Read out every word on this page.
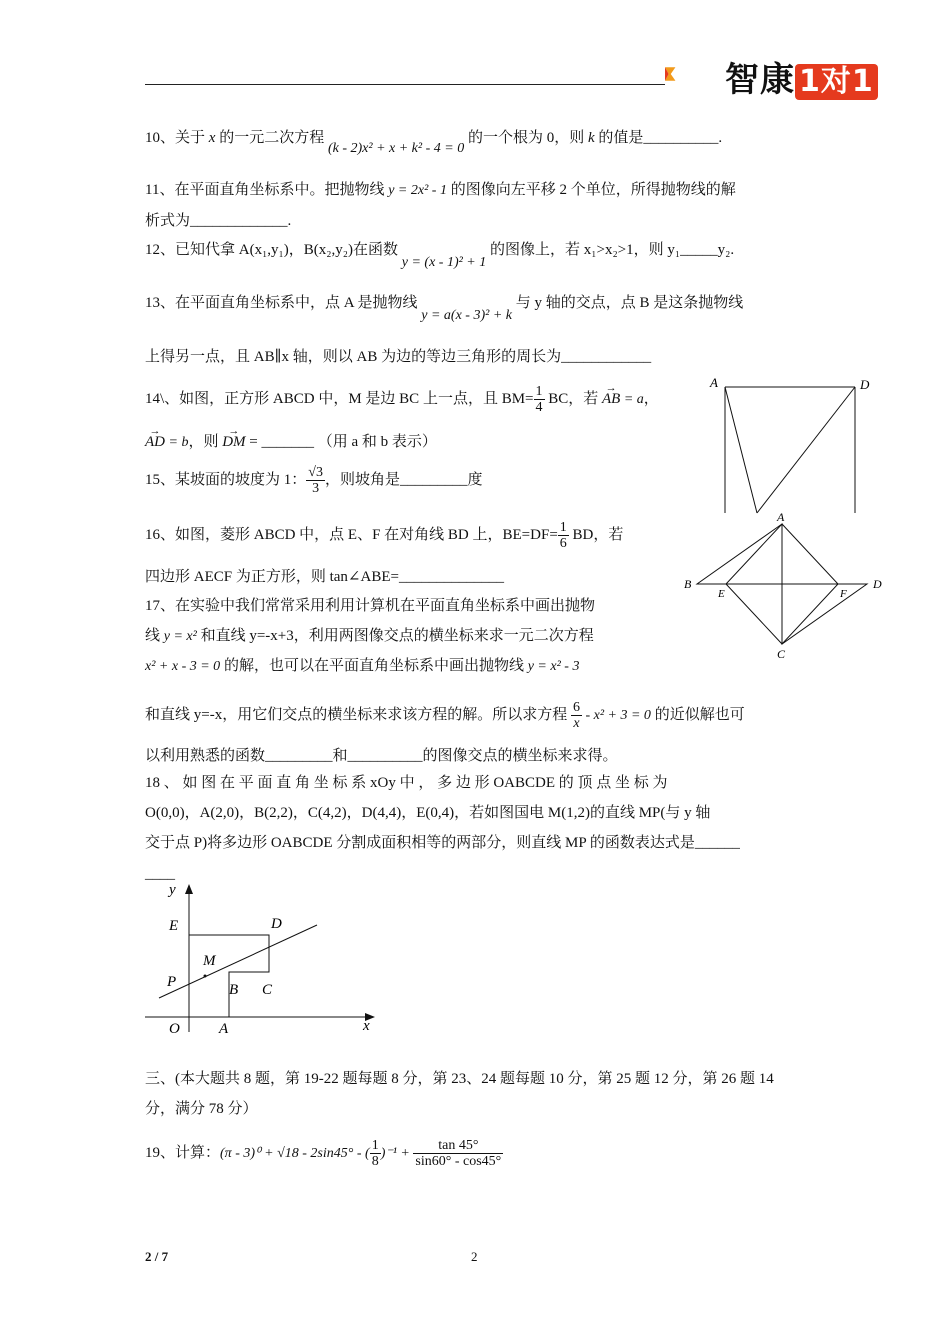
智康 1对1
10、关于 x 的一元二次方程 (k - 2)x² + x + k² - 4 = 0 的一个根为 0，则 k 的值是__________.
11、在平面直角坐标系中。把抛物线 y = 2x² - 1 的图像向左平移 2 个单位，所得抛物线的解
析式为_____________.
12、已知代拿 A(x₁,y₁)，B(x₂,y₂)在函数 y = (x - 1)² + 1 的图像上，若 x₁>x₂>1，则 y₁_____y₂.
13、在平面直角坐标系中，点 A 是抛物线 y = a(x - 3)² + k 与 y 轴的交点，点 B 是这条抛物线
上得另一点，且 AB∥x 轴，则以 AB 为边的等边三角形的周长为____________
14\、如图，正方形 ABCD 中，M 是边 BC 上一点，且 $BM= \frac{1}{4}$ BC，若 → AB = a，
→ AD = b，则 → DM = _______ （用 a 和 b 表示）
A	D
15、某坡面的坡度为 1： $\frac{√3}{3}$ ，则坡角是_________度
16、如图，菱形 ABCD 中，点 E、F 在对角线 BD 上，$BE=DF= \frac{1}{6}$ BD，若
四边形 AECF 为正方形，则 tan∠ABE=______________
A
B	D
E	F
C
17、在实验中我们常常采用利用计算机在平面直角坐标系中画出抛物
线 y = x² 和直线 y=-x+3，利用两图像交点的横坐标来求一元二次方程
x² + x - 3 = 0 的解，也可以在平面直角坐标系中画出抛物线 y = x² - 3
和直线 y=-x，用它们交点的横坐标来求该方程的解。所以求方程 $\frac{6}{x} - x^2 + 3 = 0$ 的近似解也可
以利用熟悉的函数_________和__________的图像交点的横坐标来求得。
18 、 如 图 在 平 面 直 角 坐 标 系 xOy 中 ， 多 边 形 OABCDE 的 顶 点 坐 标 为
O(0,0)，A(2,0)，B(2,2)，C(4,2)，D(4,4)，E(0,4)，若如图国电 M(1,2)的直线 MP(与 y 轴
交于点 P)将多边形 OABCDE 分割成面积相等的两部分，则直线 MP 的函数表达式是______
____
y
x
E	D
M
P	B C
O	A
三、(本大题共 8 题，第 19-22 题每题 8 分，第 23、24 题每题 10 分，第 25 题 12 分，第 26 题 14
分，满分 78 分）
19、计算：(π - 3)⁰ + √18 - 2sin45° - ( $\frac{1}{8} )^{-1} + \frac{\tan 45^\circ}{\sin 60^\circ - \cos 45^\circ}$
2 / 7	2
